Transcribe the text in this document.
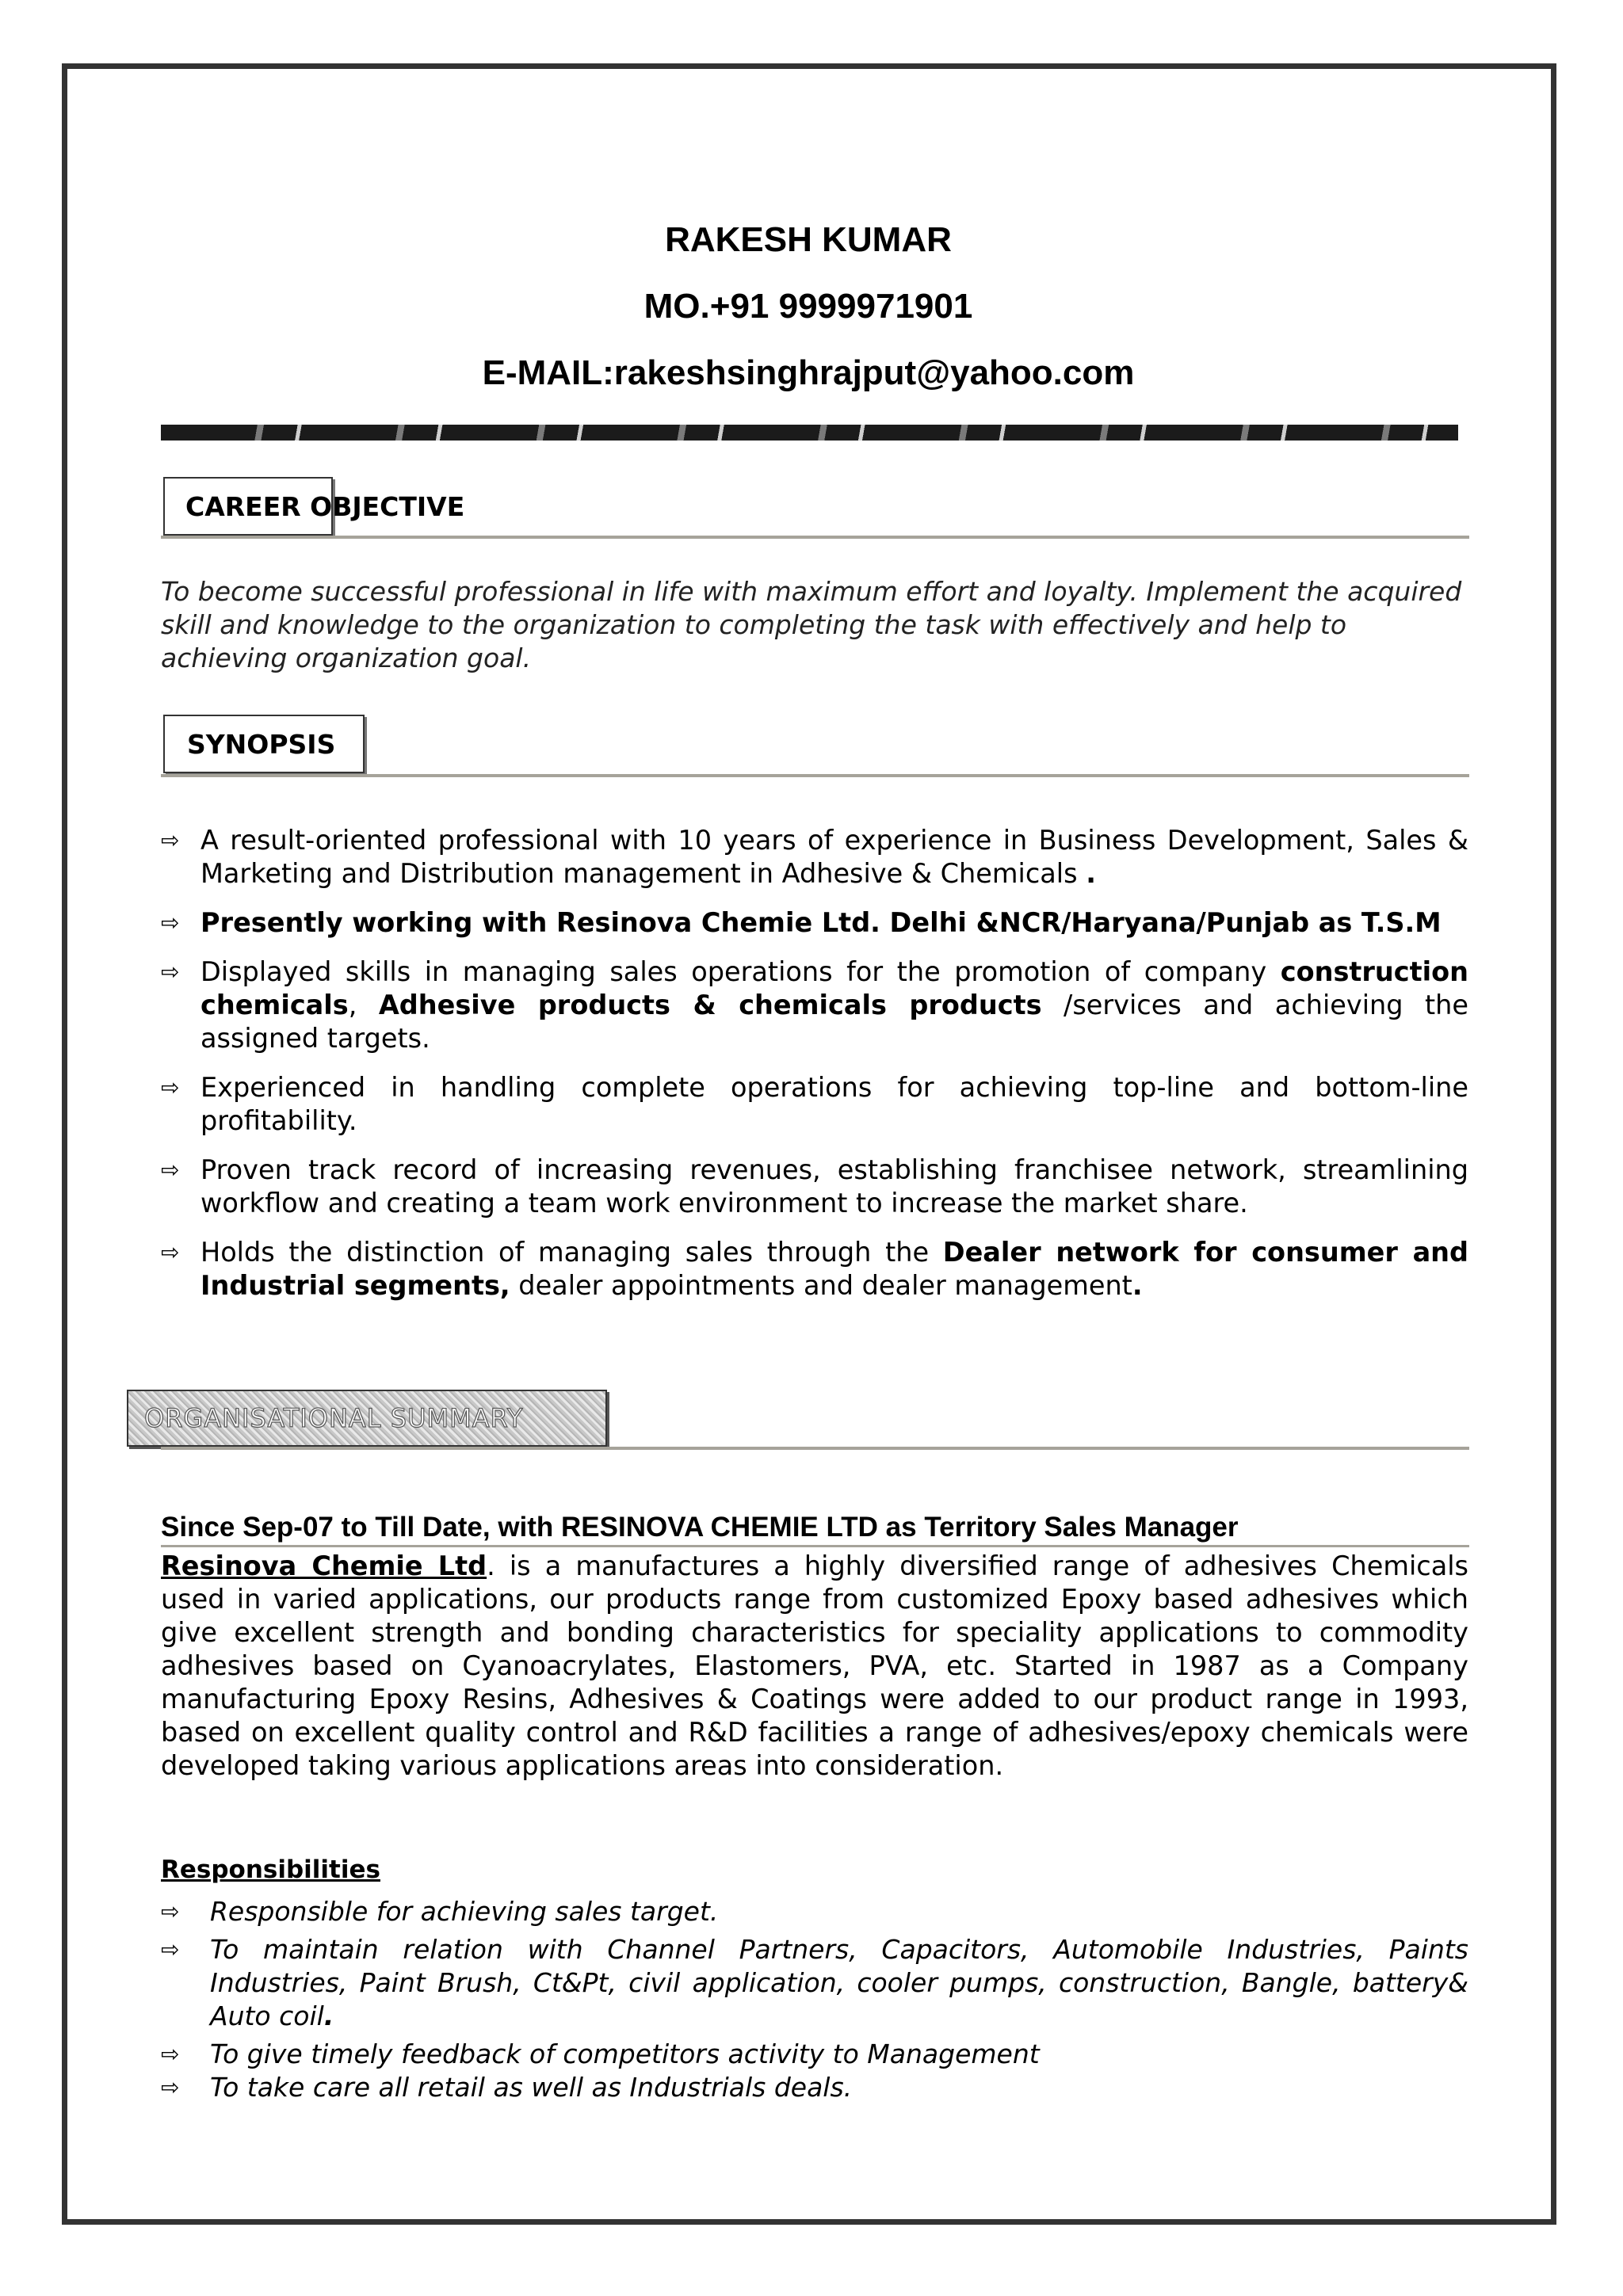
RAKESH KUMAR
MO.+91 9999971901
E-MAIL:rakeshsinghrajput@yahoo.com
CAREER OBJECTIVE
To become successful professional in life with maximum effort and loyalty. Implement the acquired skill and knowledge to the organization to completing the task with effectively and help to achieving organization goal.
SYNOPSIS
⇨ A result-oriented professional with 10 years of experience in Business Development, Sales & Marketing and Distribution management in Adhesive & Chemicals .
⇨ Presently working with Resinova Chemie Ltd. Delhi &NCR/Haryana/Punjab as T.S.M
⇨ Displayed skills in managing sales operations for the promotion of company construction chemicals, Adhesive products & chemicals products /services and achieving the assigned targets.
⇨ Experienced in handling complete operations for achieving top-line and bottom-line profitability.
⇨ Proven track record of increasing revenues, establishing franchisee network, streamlining workflow and creating a team work environment to increase the market share.
⇨ Holds the distinction of managing sales through the Dealer network for consumer and Industrial segments, dealer appointments and dealer management.
ORGANISATIONAL SUMMARY
Since Sep-07 to Till Date, with RESINOVA CHEMIE LTD as Territory Sales Manager
Resinova Chemie Ltd. is a manufactures a highly diversified range of adhesives Chemicals used in varied applications, our products range from customized Epoxy based adhesives which give excellent strength and bonding characteristics for speciality applications to commodity adhesives based on Cyanoacrylates, Elastomers, PVA, etc. Started in 1987 as a Company manufacturing Epoxy Resins, Adhesives & Coatings were added to our product range in 1993, based on excellent quality control and R&D facilities a range of adhesives/epoxy chemicals were developed taking various applications areas into consideration.
Responsibilities
⇨ Responsible for achieving sales target.
⇨ To maintain relation with Channel Partners, Capacitors, Automobile Industries, Paints Industries, Paint Brush, Ct&Pt, civil application, cooler pumps, construction, Bangle, battery& Auto coil.
⇨ To give timely feedback of competitors activity to Management
⇨ To take care all retail as well as Industrials deals.
